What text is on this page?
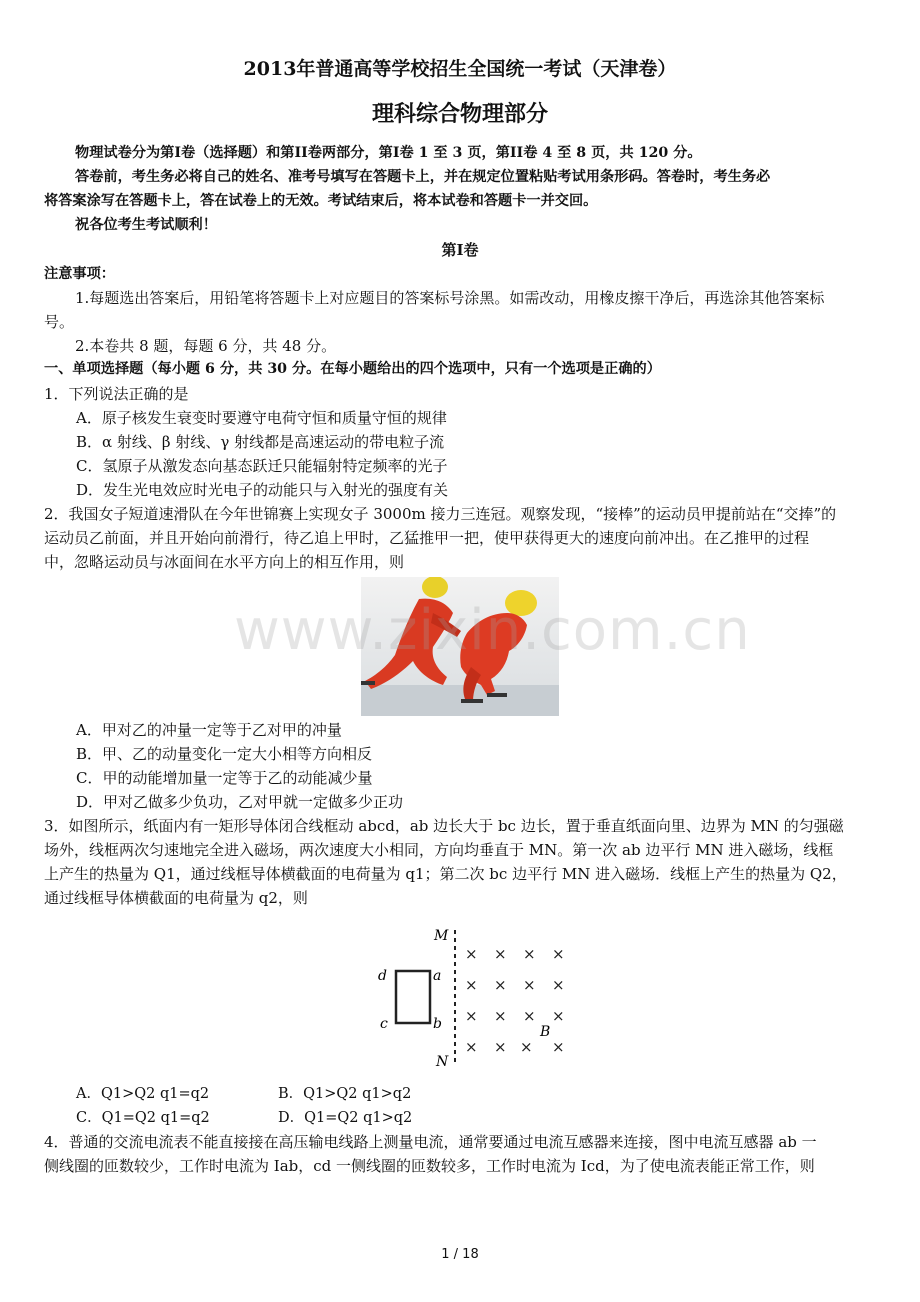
2013年普通高等学校招生全国统一考试（天津卷）
理科综合物理部分
物理试卷分为第I卷（选择题）和第II卷两部分，第I卷 1 至 3 页，第II卷 4 至 8 页，共 120 分。
答卷前，考生务必将自己的姓名、准考号填写在答题卡上，并在规定位置粘贴考试用条形码。答卷时，考生务必
将答案涂写在答题卡上，答在试卷上的无效。考试结束后，将本试卷和答题卡一并交回。
祝各位考生考试顺利！
第I卷
注意事项：
1.每题选出答案后，用铅笔将答题卡上对应题目的答案标号涂黑。如需改动，用橡皮擦干净后，再选涂其他答案标
号。
2.本卷共 8 题，每题 6 分，共 48 分。
一、单项选择题（每小题 6 分，共 30 分。在每小题给出的四个选项中，只有一个选项是正确的）
1．下列说法正确的是
A．原子核发生衰变时要遵守电荷守恒和质量守恒的规律
B．α 射线、β 射线、γ 射线都是高速运动的带电粒子流
C．氢原子从激发态向基态跃迁只能辐射特定频率的光子
D．发生光电效应时光电子的动能只与入射光的强度有关
2．我国女子短道速滑队在今年世锦赛上实现女子 3000m 接力三连冠。观察发现，“接棒”的运动员甲提前站在“交捧”的
运动员乙前面，并且开始向前滑行，待乙追上甲时，乙猛推甲一把，使甲获得更大的速度向前冲出。在乙推甲的过程
中，忽略运动员与冰面间在水平方向上的相互作用，则
www.zixin.com.cn
A．甲对乙的冲量一定等于乙对甲的冲量
B．甲、乙的动量变化一定大小相等方向相反
C．甲的动能增加量一定等于乙的动能减少量
D．甲对乙做多少负功，乙对甲就一定做多少正功
3．如图所示，纸面内有一矩形导体闭合线框动 abcd，ab 边长大于 bc 边长，置于垂直纸面向里、边界为 MN 的匀强磁
场外，线框两次匀速地完全进入磁场，两次速度大小相同，方向均垂直于 MN。第一次 ab 边平行 MN 进入磁场，线框
上产生的热量为 Q1，通过线框导体横截面的电荷量为 q1；第二次 bc 边平行 MN 进入磁场．线框上产生的热量为 Q2，
通过线框导体横截面的电荷量为 q2，则
M
N
d	a
c	b	B
× × × ×
× × × ×
× × × ×
× × × ×
A．Q1>Q2 q1=q2	B．Q1>Q2 q1>q2
C．Q1=Q2 q1=q2	D．Q1=Q2 q1>q2
4．普通的交流电流表不能直接接在高压输电线路上测量电流，通常要通过电流互感器来连接，图中电流互感器 ab 一
侧线圈的匝数较少，工作时电流为 Iab，cd 一侧线圈的匝数较多，工作时电流为 Icd，为了使电流表能正常工作，则
1 / 18
